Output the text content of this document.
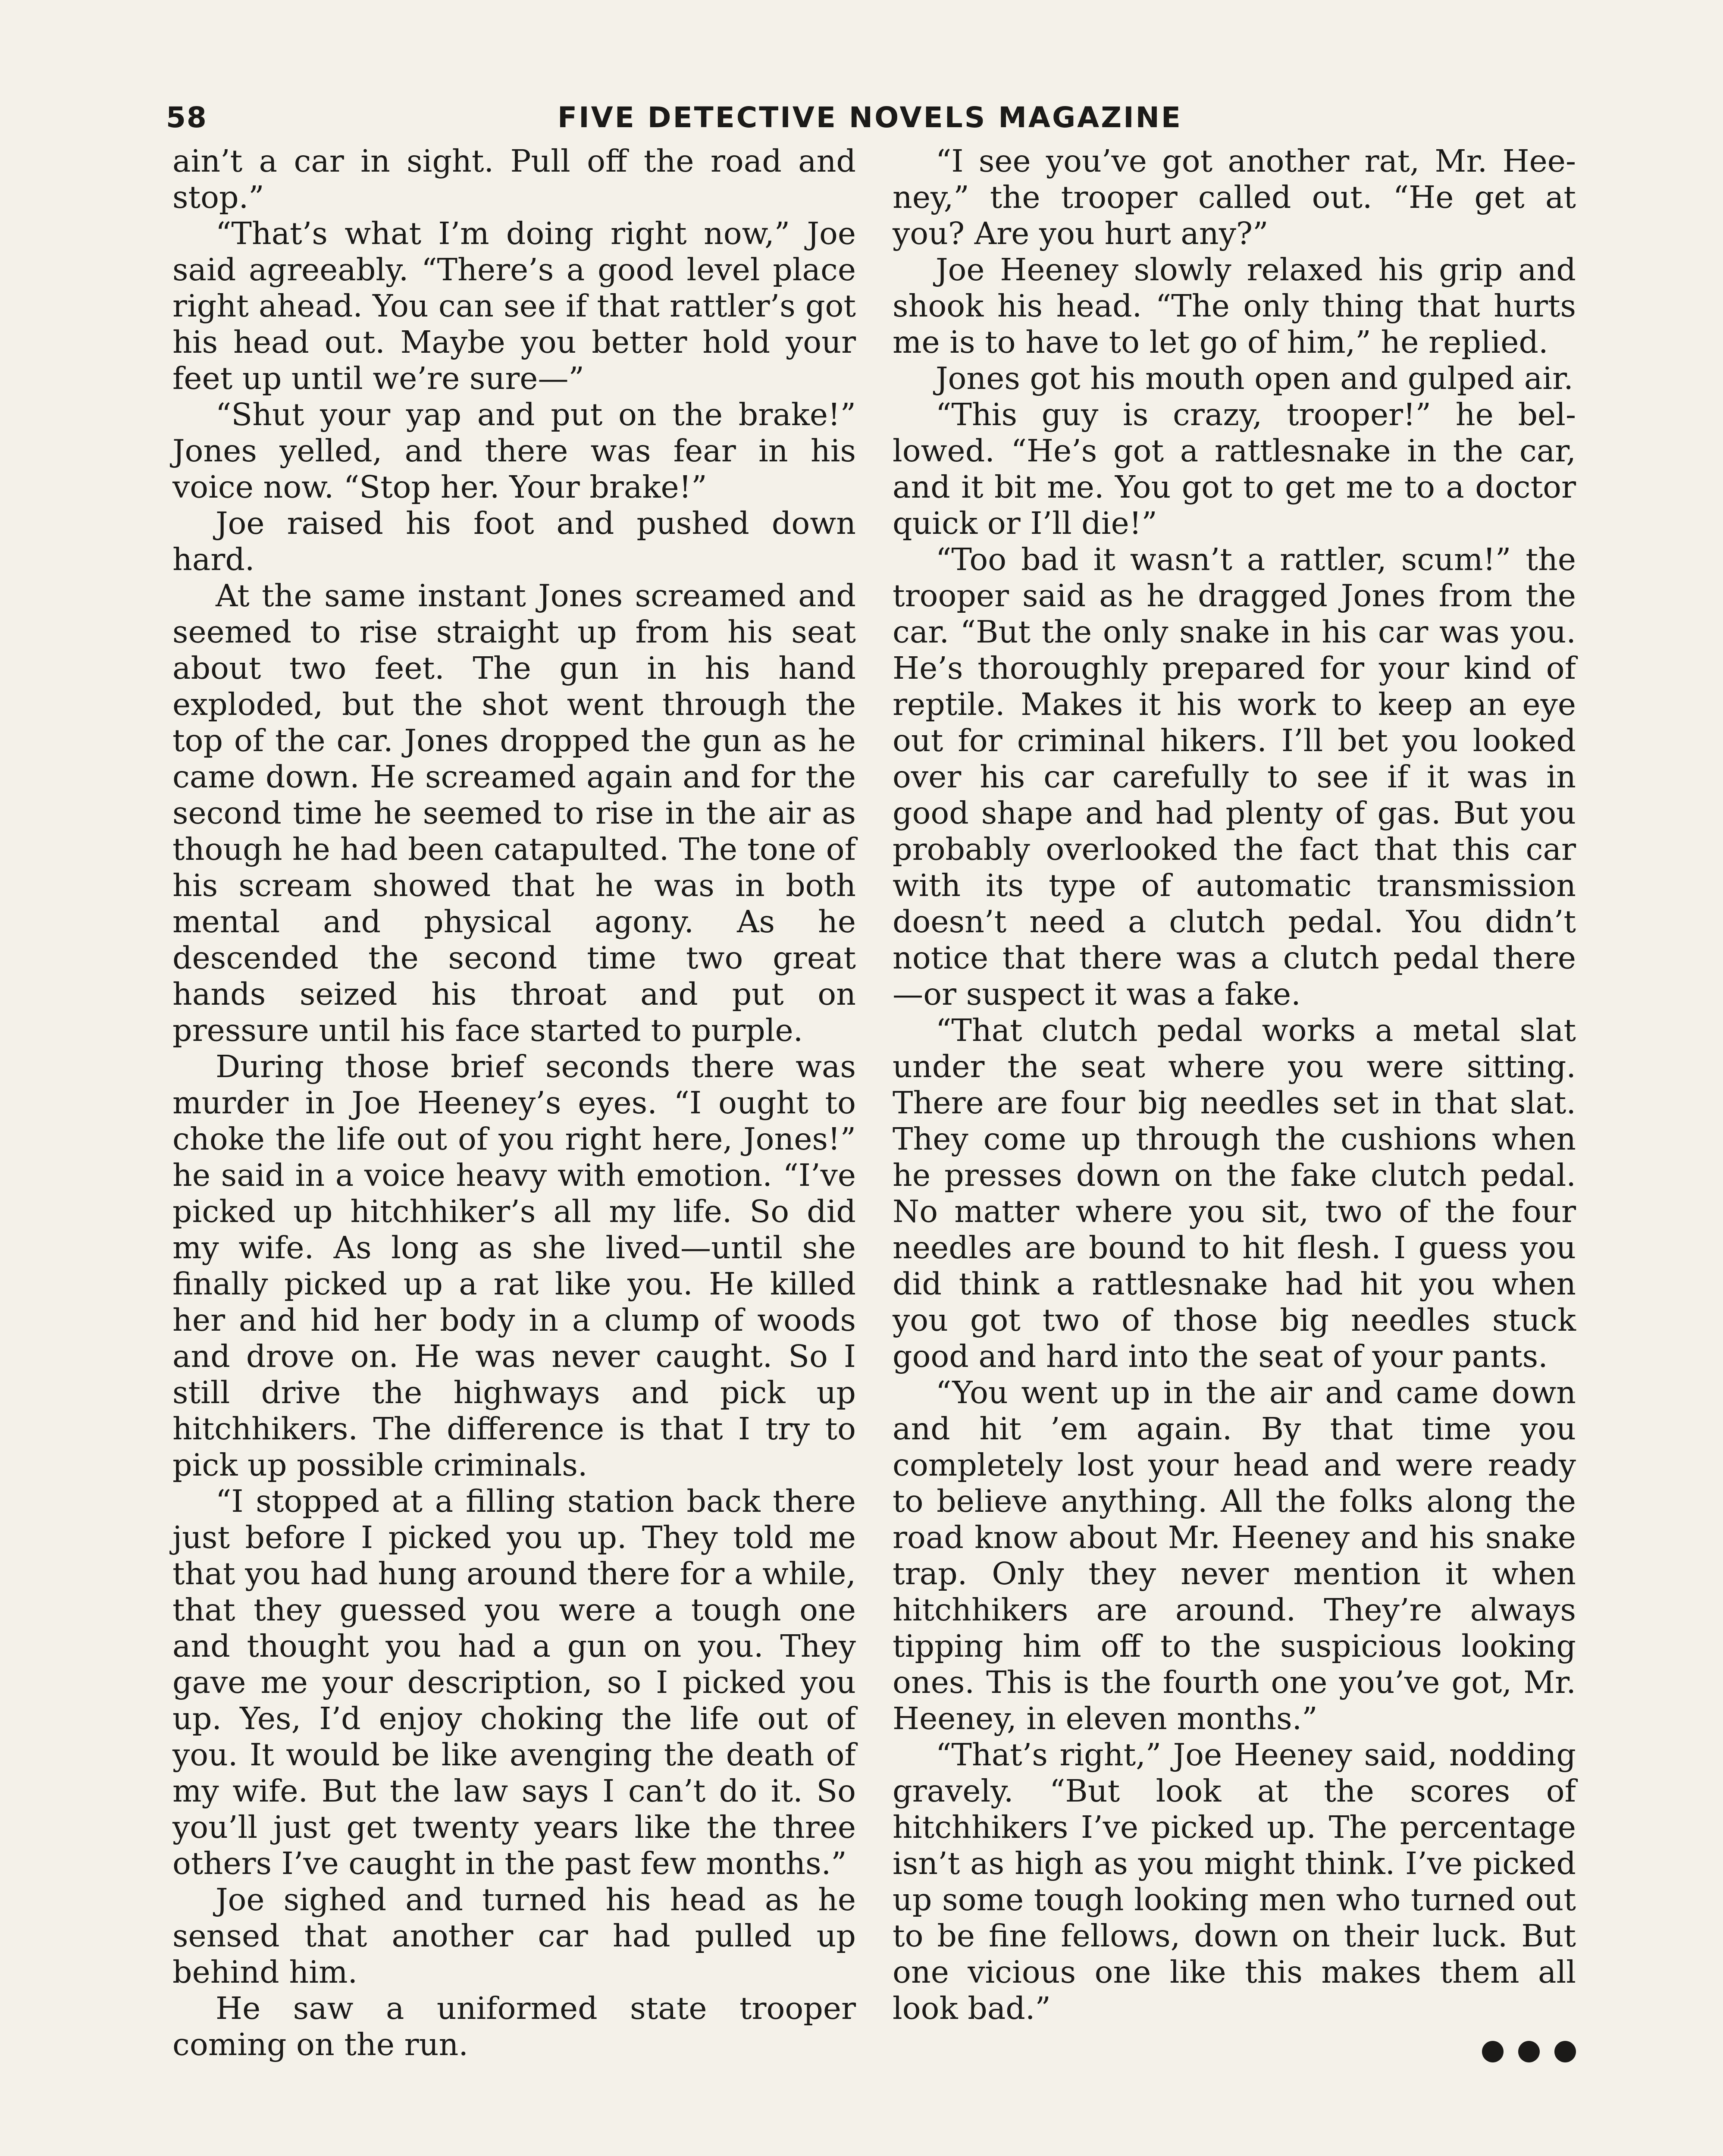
58	FIVE DETECTIVE NOVELS MAGAZINE

ain’t a car in sight. Pull off the road and stop.”

“That’s what I’m doing right now,” Joe said agreeably. “There’s a good level place right ahead. You can see if that rattler’s got his head out. Maybe you better hold your feet up until we’re sure—”

“Shut your yap and put on the brake!” Jones yelled, and there was fear in his voice now. “Stop her. Your brake!”

Joe raised his foot and pushed down hard.

At the same instant Jones screamed and seemed to rise straight up from his seat about two feet. The gun in his hand exploded, but the shot went through the top of the car. Jones dropped the gun as he came down. He screamed again and for the second time he seemed to rise in the air as though he had been catapulted. The tone of his scream showed that he was in both mental and physical agony. As he descended the second time two great hands seized his throat and put on pressure until his face started to purple.

During those brief seconds there was murder in Joe Heeney’s eyes. “I ought to choke the life out of you right here, Jones!” he said in a voice heavy with emotion. “I’ve picked up hitchhiker’s all my life. So did my wife. As long as she lived—until she finally picked up a rat like you. He killed her and hid her body in a clump of woods and drove on. He was never caught. So I still drive the highways and pick up hitchhikers. The difference is that I try to pick up possible criminals.

“I stopped at a filling station back there just before I picked you up. They told me that you had hung around there for a while, that they guessed you were a tough one and thought you had a gun on you. They gave me your description, so I picked you up. Yes, I’d enjoy choking the life out of you. It would be like avenging the death of my wife. But the law says I can’t do it. So you’ll just get twenty years like the three others I’ve caught in the past few months.”

Joe sighed and turned his head as he sensed that another car had pulled up behind him.

He saw a uniformed state trooper coming on the run.

“I see you’ve got another rat, Mr. Heeney,” the trooper called out. “He get at you? Are you hurt any?”

Joe Heeney slowly relaxed his grip and shook his head. “The only thing that hurts me is to have to let go of him,” he replied.

Jones got his mouth open and gulped air.

“This guy is crazy, trooper!” he bellowed. “He’s got a rattlesnake in the car, and it bit me. You got to get me to a doctor quick or I’ll die!”

“Too bad it wasn’t a rattler, scum!” the trooper said as he dragged Jones from the car. “But the only snake in his car was you. He’s thoroughly prepared for your kind of reptile. Makes it his work to keep an eye out for criminal hikers. I’ll bet you looked over his car carefully to see if it was in good shape and had plenty of gas. But you probably overlooked the fact that this car with its type of automatic transmission doesn’t need a clutch pedal. You didn’t notice that there was a clutch pedal there —or suspect it was a fake.

“That clutch pedal works a metal slat under the seat where you were sitting. There are four big needles set in that slat. They come up through the cushions when he presses down on the fake clutch pedal. No matter where you sit, two of the four needles are bound to hit flesh. I guess you did think a rattlesnake had hit you when you got two of those big needles stuck good and hard into the seat of your pants.

“You went up in the air and came down and hit ’em again. By that time you completely lost your head and were ready to believe anything. All the folks along the road know about Mr. Heeney and his snake trap. Only they never mention it when hitchhikers are around. They’re always tipping him off to the suspicious looking ones. This is the fourth one you’ve got, Mr. Heeney, in eleven months.”

“That’s right,” Joe Heeney said, nodding gravely. “But look at the scores of hitchhikers I’ve picked up. The percentage isn’t as high as you might think. I’ve picked up some tough looking men who turned out to be fine fellows, down on their luck. But one vicious one like this makes them all look bad.”
